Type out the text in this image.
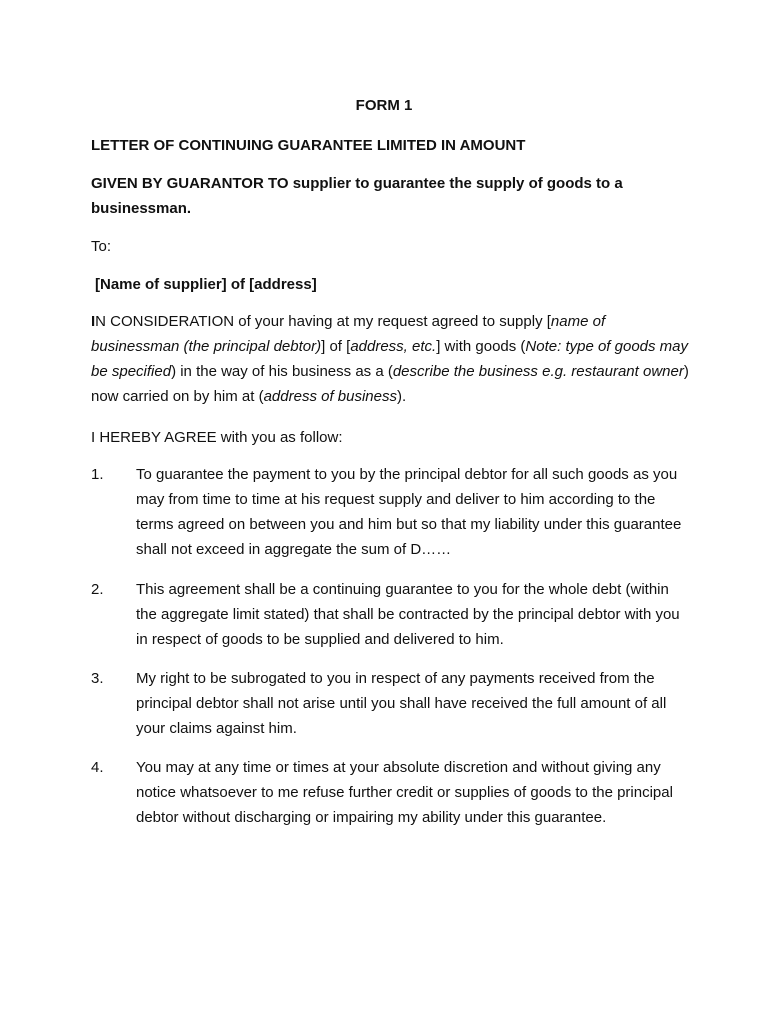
FORM 1
LETTER OF CONTINUING GUARANTEE LIMITED IN AMOUNT
GIVEN BY GUARANTOR TO supplier to guarantee the supply of goods to a businessman.
To:
[Name of supplier] of [address]
IN CONSIDERATION of your having at my request agreed to supply [name of businessman (the principal debtor)] of [address, etc.] with goods (Note: type of goods may be specified) in the way of his business as a (describe the business e.g. restaurant owner) now carried on by him at (address of business).
I HEREBY AGREE with you as follow:
1.	To guarantee the payment to you by the principal debtor for all such goods as you may from time to time at his request supply and deliver to him according to the terms agreed on between you and him but so that my liability under this guarantee shall not exceed in aggregate the sum of D……
2.	This agreement shall be a continuing guarantee to you for the whole debt (within the aggregate limit stated) that shall be contracted by the principal debtor with you in respect of goods to be supplied and delivered to him.
3.	My right to be subrogated to you in respect of any payments received from the principal debtor shall not arise until you shall have received the full amount of all your claims against him.
4.	You may at any time or times at your absolute discretion and without giving any notice whatsoever to me refuse further credit or supplies of goods to the principal debtor without discharging or impairing my ability under this guarantee.
